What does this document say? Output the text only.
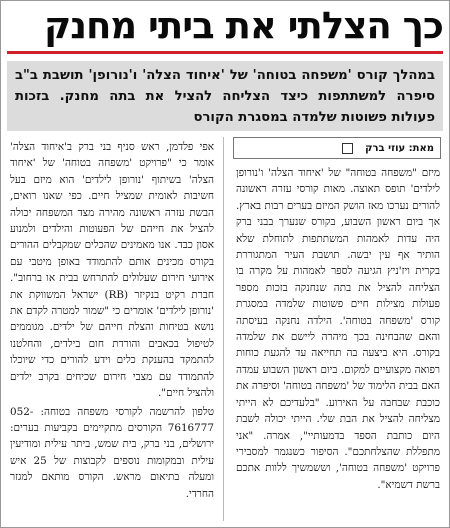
כך הצלתי את ביתי מחנק
במהלך קורס 'משפחה בטוחה' של 'איחוד הצלה' ו'נורופן' תושבת ב"ב סיפרה למשתתפות כיצד הצליחה להציל את בתה מחנק. בזכות פעולות פשוטות שלמדה במסגרת הקורס
מאת: עוזי ברק

מיזם "משפחה בטוחה" של 'איחוד הצלה' ו'נורופן לילדים' תופס תאוצה. מאות קורסי עזרה ראשונה להורים נערכו מאז הושק המיזם בערים רבות בארץ. אך ביום ראשון השבוע, בקורס שנערך בבני ברק היה עדות לאמהות המשתתפות לתוחלת שלא הותיר אף עין יבשה. תושבת העיר המתגוררת בקרית ויז'ניץ הגיעה לספר לאמהות על מקרה בו הצליחה להציל את בתה שנחנקה בזכות מספר פעולות מצילות חיים פשוטות שלמדה במסגרת קורס 'משפחה בטוחה'. הילדה נחנקה בעיסתה והאם שהבחינה בכך מיהרה ליישם את שלמדה בקורס. היא ביצעה בה תחייאה עד להגעת כוחות רפואה מקצועיים למקום. ביום ראשון השבוע עמדה האם בבית הלימוד של 'משפחה בטוחה' וסיפרה את כוכבת שבחבה על האירוע. "בלעדיכם לא הייתי מצליחה להציל את הבת שלי. הייתי יכולה לשבת היום כותבת הספד בדמעותיי", אמרה. "אני מתפללת שהצלחתכם". הסיפור כשנגמר למסבירי פרויקט 'משפחה בטוחה', וששמשיך ללוות אתכם ברשת דשמיא".

אפי פלדמן, ראש סניף בני ברק ב'איחוד הצלה' אומר כי "פרויקט 'משפחה בטוחה' של 'איחוד הצלה' בשיתוף 'נורופן לילדים' הוא מיזם בעל חשיבות לאומית שמציל חיים. כפי שאנו רואים, הבשת עזרה ראשונה מהירה מצד המשפחה יכולה להציל את חייהם של הפעוטות והילדים ולמנוע אסון כבד. אנו מאמינים שהכלים שמקבלים ההורים בקורס מכינים אותם להתמודד באופן מיטבי עם אירועי חירום שעלולים להתרחש בבית או ברחוב". חברת רקיט בנקיזר (RB) ישראל המשווקת את 'נורופן לילדים' אומרים כי "שמור למטרה לקדם את נושא בטיחות והצלת חייהם של ילדים. מגוממים לטיפול בכאבים והורדת חום בילדים, והחלטנו להתמקד בהענקת כלים וידע להורים כדי שיוכלו להתמודד עם מצבי חירום שכיחים בקרב ילדים ולהציל חיים".

טלפון להרשמה לקורסי משפחה בטוחה: 052-7616777 הקורסים מתקיימים בקביעות בערים: ירושלים, בני ברק, בית שמש, ביתר עילית ומודיעין עילית ובמקומות נוספים לקבוצות של 25 איש ומעלה בתיאום מראש. הקורס מותאם למגזר החרדי.
